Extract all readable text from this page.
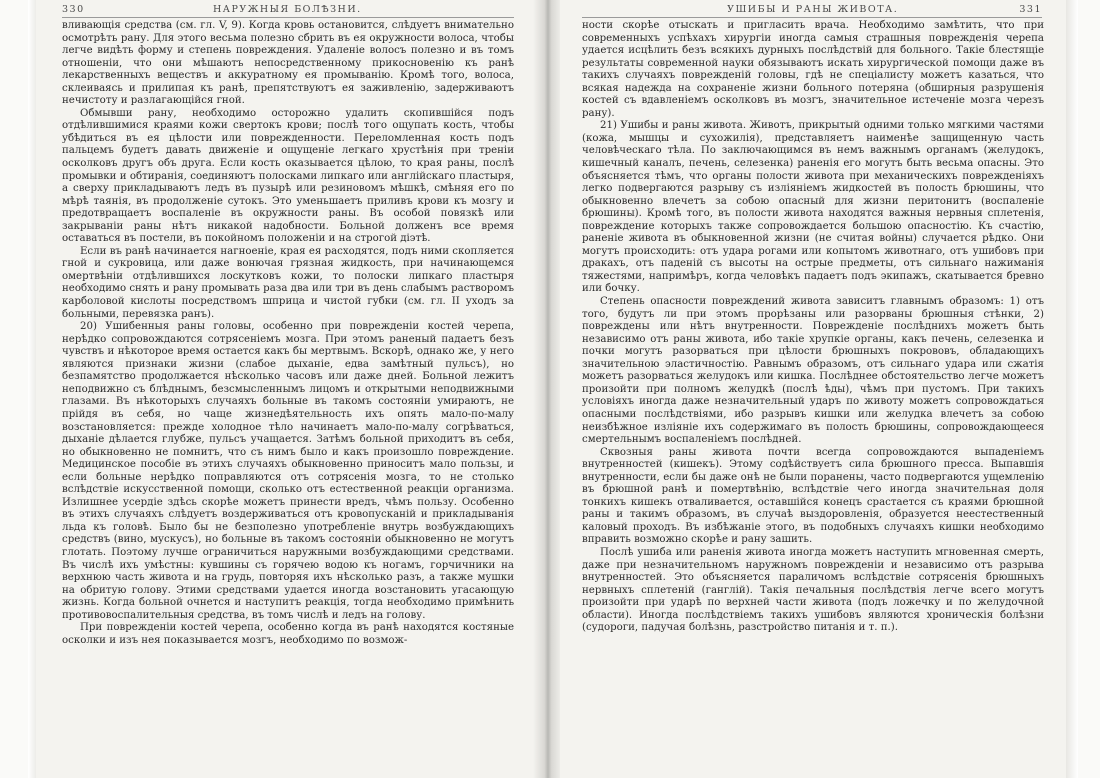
330	НАРУЖНЫЯ БОЛѢЗНИ.

вливающія средства (см. гл. V, 9). Когда кровь остановится, слѣдуетъ внимательно осмотрѣть рану. Для этого весьма полезно сбрить въ ея окружности волоса, чтобы легче видѣть форму и степень повреждения. Удаленіе волосъ полезно и въ томъ отношеніи, что они мѣшаютъ непосредственному прикосновенію къ ранѣ лекарственныхъ веществъ и аккуратному ея промыванію. Кромѣ того, волоса, склеиваясь и прилипая къ ранѣ, препятствуютъ ея заживленію, задерживаютъ нечистоту и разлагающійся гной.

Обмывши рану, необходимо осторожно удалить скопившійся подъ отдѣлившимися краями кожи свертокъ крови; послѣ того ощупать кость, чтобы убѣдиться въ ея цѣлости или поврежденности. Переломленная кость подъ пальцемъ будетъ давать движеніе и ощущеніе легкаго хрустѣнія при треніи осколковъ другъ объ друга. Если кость оказывается цѣлою, то края раны, послѣ промывки и обтиранія, соединяютъ полосками липкаго или англійскаго пластыря, а сверху прикладываютъ ледъ въ пузырѣ или резиновомъ мѣшкѣ, смѣняя его по мѣрѣ таянія, въ продолженіе сутокъ. Это уменьшаетъ приливъ крови къ мозгу и предотвращаетъ воспаленіе въ окружности раны. Въ особой повязкѣ или закрываніи раны нѣтъ никакой надобности. Больной долженъ все время оставаться въ постели, въ покойномъ положеніи и на строгой діэтѣ.

Если въ ранѣ начинается нагноеніе, края ея расходятся, подъ ними скопляется гной и сукровица, или даже вонючая грязная жидкость, при начинающемся омертвѣніи отдѣлившихся лоскутковъ кожи, то полоски липкаго пластыря необходимо снять и рану промывать раза два или три въ день слабымъ растворомъ карболовой кислоты посредствомъ шприца и чистой губки (см. гл. II уходъ за больными, перевязка ранъ).

20) Ушибенныя раны головы, особенно при поврежденіи костей черепа, нерѣдко сопровождаются сотрясеніемъ мозга. При этомъ раненый падаетъ безъ чувствъ и нѣкоторое время остается какъ бы мертвымъ. Вскорѣ, однако же, у него являются признаки жизни (слабое дыханіе, едва замѣтный пульсъ), но безпамятство продолжается нѣсколько часовъ или даже дней. Больной лежитъ неподвижно съ блѣднымъ, безсмысленнымъ лицомъ и открытыми неподвижными глазами. Въ нѣкоторыхъ случаяхъ больные въ такомъ состояніи умираютъ, не прійдя въ себя, но чаще жизнедѣятельность ихъ опять мало-по-малу возстановляется: прежде холодное тѣло начинаетъ мало-по-малу согрѣваться, дыханіе дѣлается глубже, пульсъ учащается. Затѣмъ больной приходитъ въ себя, но обыкновенно не помнитъ, что съ нимъ было и какъ произошло повреждение. Медицинское пособіе въ этихъ случаяхъ обыкновенно приноситъ мало пользы, и если больные нерѣдко поправляются отъ сотрясенія мозга, то не столько вслѣдствіе искусственной помощи, сколько отъ естественной реакціи организма. Излишнее усердіе здѣсь скорѣе можетъ принести вредъ, чѣмъ пользу. Особенно въ этихъ случаяхъ слѣдуетъ воздерживаться отъ кровопусканій и прикладыванія льда къ головѣ. Было бы не безполезно употребленіе внутрь возбуждающихъ средствъ (вино, мускусъ), но больные въ такомъ состояніи обыкновенно не могутъ глотать. Поэтому лучше ограничиться наружными возбуждающими средствами. Въ числѣ ихъ умѣстны: кувшины съ горячею водою къ ногамъ, горчичники на верхнюю часть живота и на грудь, повторяя ихъ нѣсколько разъ, а также мушки на обритую голову. Этими средствами удается иногда возстановить угасающую жизнь. Когда больной очнется и наступитъ реакція, тогда необходимо примѣнить противовоспалительныя средства, въ томъ числѣ и ледъ на голову.

При поврежденіи костей черепа, особенно когда въ ранѣ находятся костяные осколки и изъ нея показывается мозгъ, необходимо по возмож-

УШИБЫ И РАНЫ ЖИВОТА.	331

ности скорѣе отыскать и пригласить врача. Необходимо замѣтить, что при современныхъ успѣхахъ хирургіи иногда самыя страшныя поврежденія черепа удается исцѣлить безъ всякихъ дурныхъ послѣдствій для больного. Такіе блестящіе результаты современной науки обязываютъ искать хирургической помощи даже въ такихъ случаяхъ поврежденій головы, гдѣ не спеціалисту можетъ казаться, что всякая надежда на сохраненіе жизни больного потеряна (обширныя разрушенія костей съ вдавленіемъ осколковъ въ мозгъ, значительное истеченіе мозга черезъ рану).

21) Ушибы и раны живота. Животъ, прикрытый одними только мягкими частями (кожа, мышцы и сухожилія), представляетъ наименѣе защищенную часть человѣческаго тѣла. По заключающимся въ немъ важнымъ органамъ (желудокъ, кишечный каналъ, печень, селезенка) раненія его могутъ быть весьма опасны. Это объясняется тѣмъ, что органы полости живота при механическихъ поврежденіяхъ легко подвергаются разрыву съ изліяніемъ жидкостей въ полость брюшины, что обыкновенно влечетъ за собою опасный для жизни перитонитъ (воспаленіе брюшины). Кромѣ того, въ полости живота находятся важныя нервныя сплетенія, повреждение которыхъ также сопровождается большою опасностію. Къ счастію, раненіе живота въ обыкновенной жизни (не считая войны) случается рѣдко. Они могутъ происходить: отъ удара рогами или копытомъ животнаго, отъ ушибовъ при дракахъ, отъ паденій съ высоты на острые предметы, отъ сильнаго нажиманія тяжестями, напримѣръ, когда человѣкъ падаетъ подъ экипажъ, скатывается бревно или бочку.

Степень опасности повреждений живота зависитъ главнымъ образомъ: 1) отъ того, будутъ ли при этомъ прорѣзаны или разорваны брюшныя стѣнки, 2) повреждены или нѣтъ внутренности. Поврежденіе послѣднихъ можетъ быть независимо отъ раны живота, ибо такіе хрупкіе органы, какъ печень, селезенка и почки могутъ разорваться при цѣлости брюшныхъ покрововъ, обладающихъ значительною эластичностію. Равнымъ образомъ, отъ сильнаго удара или сжатія можетъ разорваться желудокъ или кишка. Послѣднее обстоятельство легче можетъ произойти при полномъ желудкѣ (послѣ ѣды), чѣмъ при пустомъ. При такихъ условіяхъ иногда даже незначительный ударъ по животу можетъ сопровождаться опасными послѣдствіями, ибо разрывъ кишки или желудка влечетъ за собою неизбѣжное изліяніе ихъ содержимаго въ полость брюшины, сопровождающееся смертельнымъ воспаленіемъ послѣдней.

Сквозныя раны живота почти всегда сопровождаются выпаденіемъ внутренностей (кишекъ). Этому содѣйствуетъ сила брюшного пресса. Выпавшія внутренности, если бы даже онѣ не были поранены, часто подвергаются ущемленію въ брюшной ранѣ и помертвѣнію, вслѣдствіе чего иногда значительная доля тонкихъ кишекъ отваливается, оставшійся конецъ срастается съ краями брюшной раны и такимъ образомъ, въ случаѣ выздоровленія, образуется неестественный каловый проходъ. Въ избѣжаніе этого, въ подобныхъ случаяхъ кишки необходимо вправить возможно скорѣе и рану зашить.

Послѣ ушиба или раненія живота иногда можетъ наступить мгновенная смерть, даже при незначительномъ наружномъ поврежденіи и независимо отъ разрыва внутренностей. Это объясняется параличомъ вслѣдствіе сотрясенія брюшныхъ нервныхъ сплетеній (ганглій). Такія печальныя послѣдствія легче всего могутъ произойти при ударѣ по верхней части живота (подъ ложечку и по желудочной области). Иногда послѣдствіемъ такихъ ушибовъ являются хроническія болѣзни (судороги, падучая болѣзнь, разстройство питанія и т. п.).
